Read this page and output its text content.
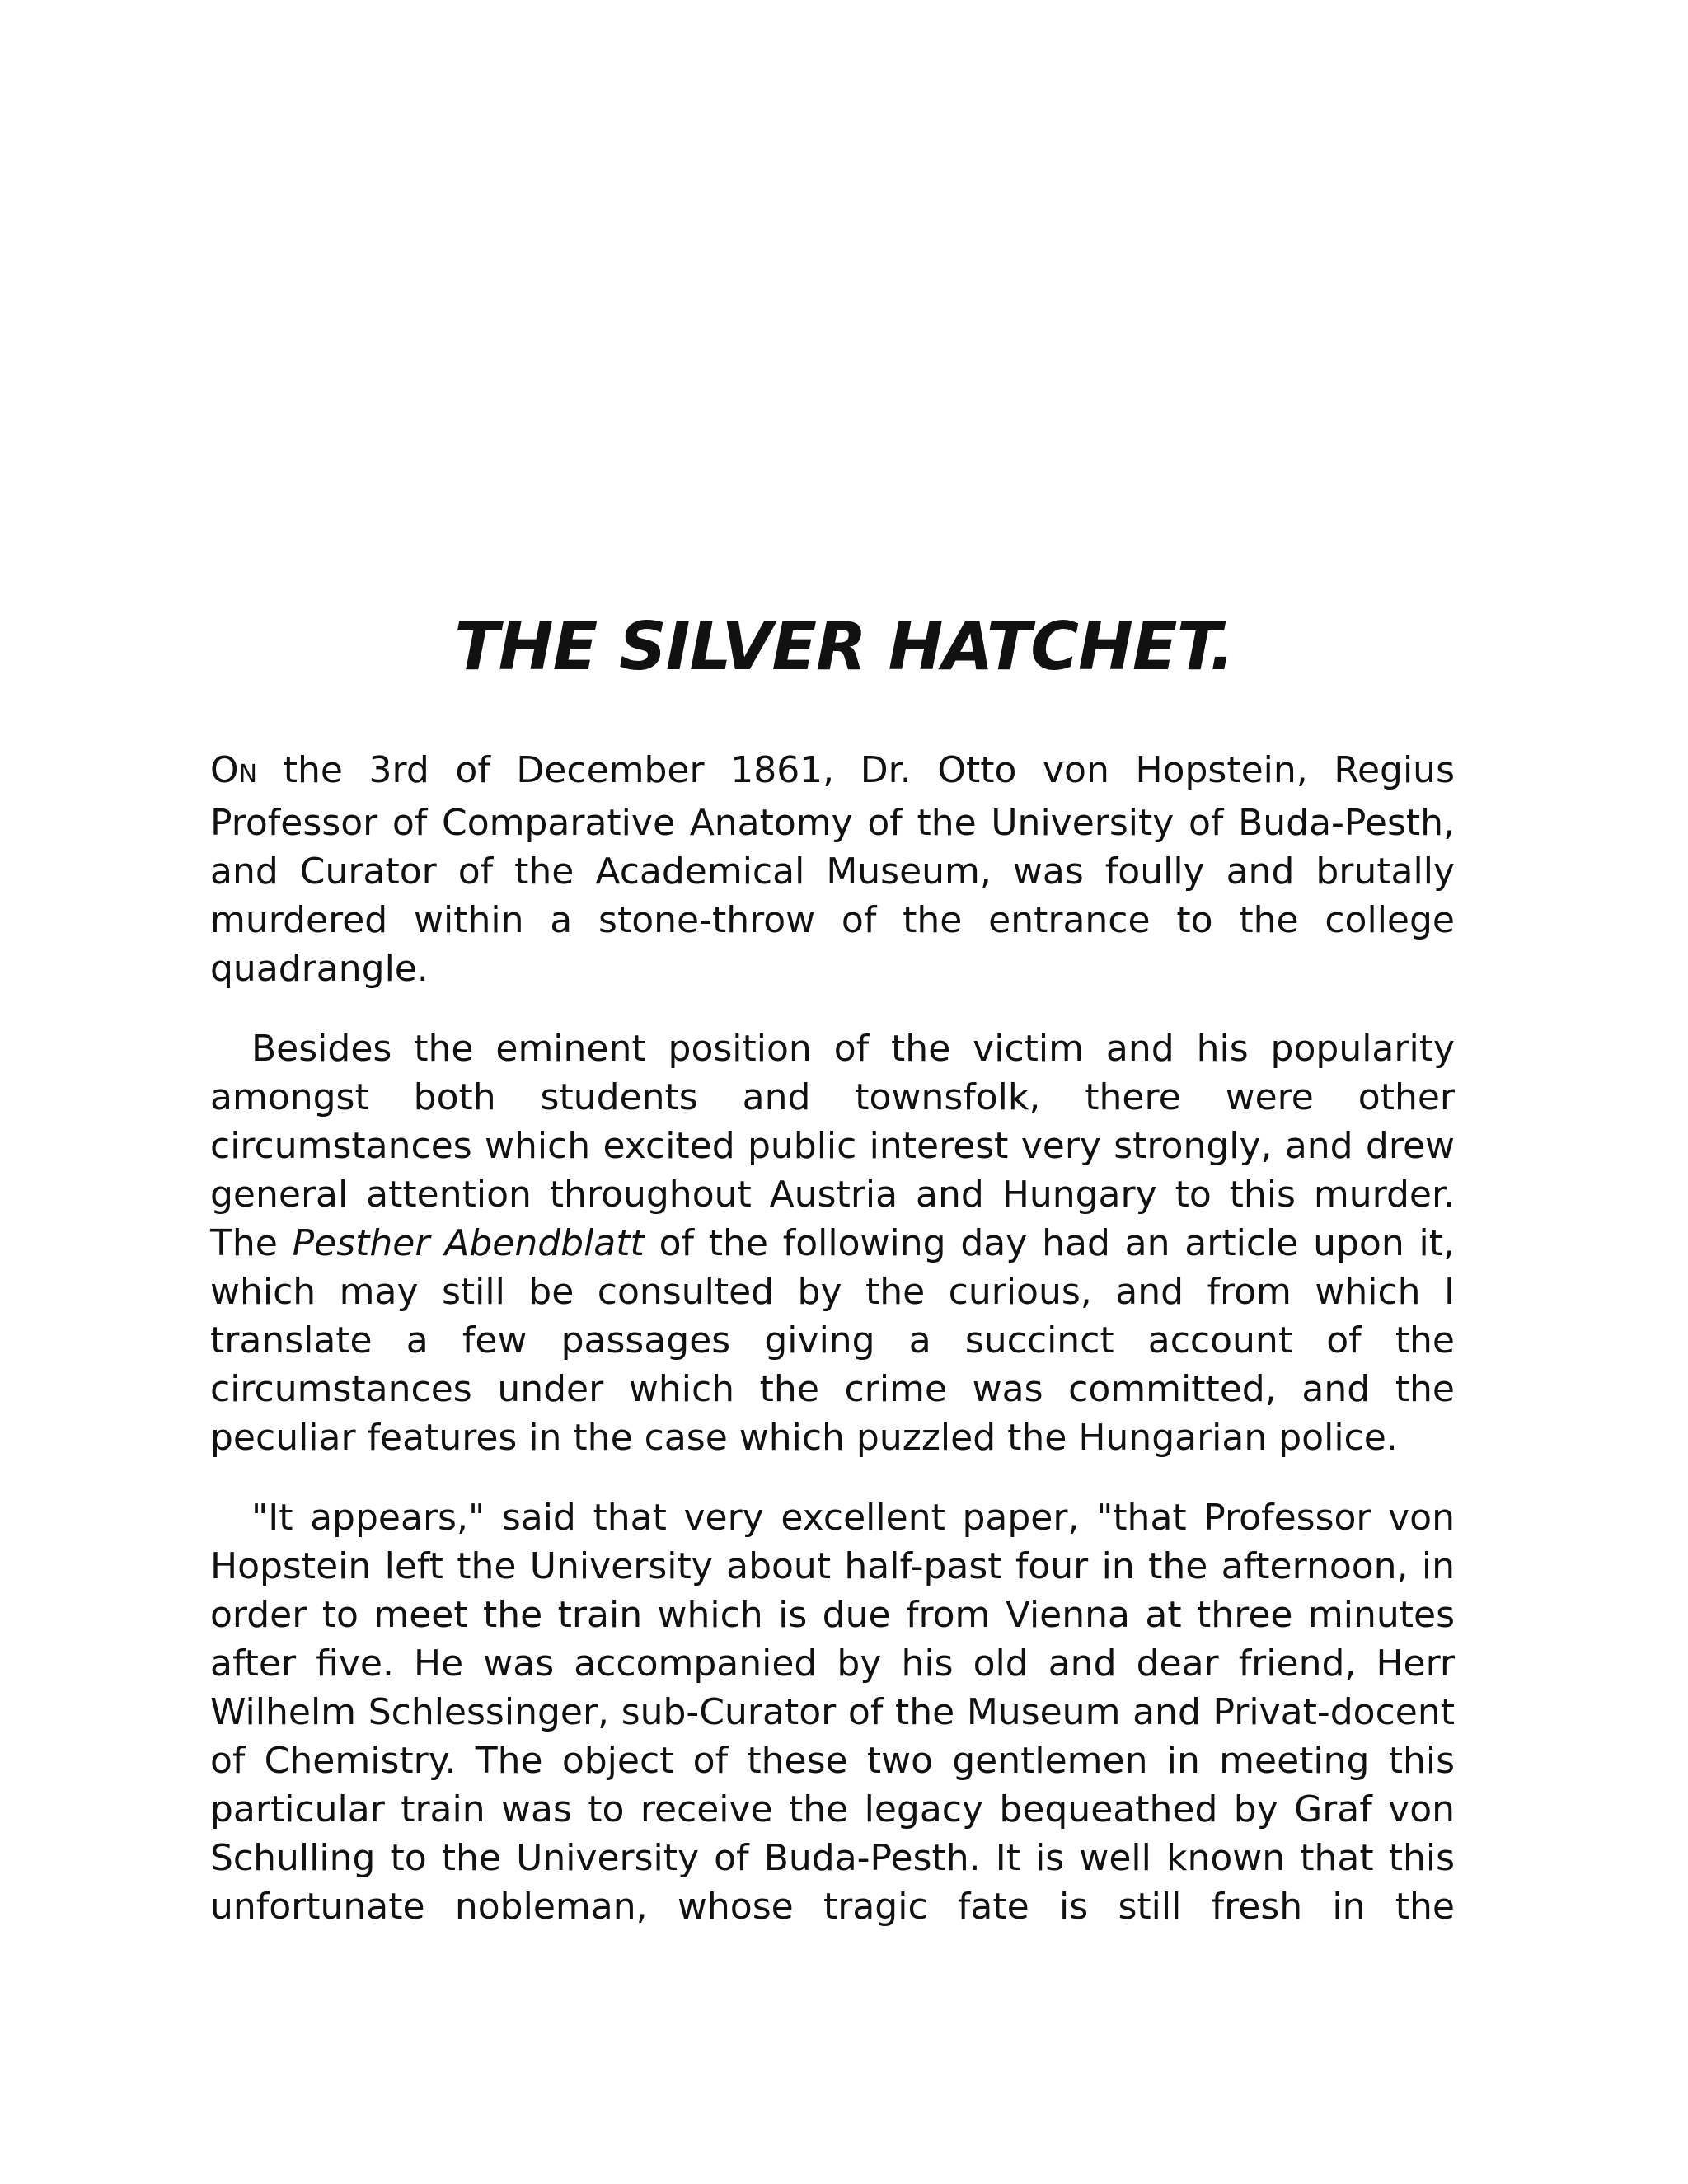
THE SILVER HATCHET.

ON the 3rd of December 1861, Dr. Otto von Hopstein, Regius Professor of Comparative Anatomy of the University of Buda-Pesth, and Curator of the Academical Museum, was foully and brutally murdered within a stone-throw of the entrance to the college quadrangle.

Besides the eminent position of the victim and his popularity amongst both students and townsfolk, there were other circumstances which excited public interest very strongly, and drew general attention throughout Austria and Hungary to this murder. The Pesther Abendblatt of the following day had an article upon it, which may still be consulted by the curious, and from which I translate a few passages giving a succinct account of the circumstances under which the crime was committed, and the peculiar features in the case which puzzled the Hungarian police.

"It appears," said that very excellent paper, "that Professor von Hopstein left the University about half-past four in the afternoon, in order to meet the train which is due from Vienna at three minutes after five. He was accompanied by his old and dear friend, Herr Wilhelm Schlessinger, sub-Curator of the Museum and Privat-docent of Chemistry. The object of these two gentlemen in meeting this particular train was to receive the legacy bequeathed by Graf von Schulling to the University of Buda-Pesth. It is well known that this unfortunate nobleman, whose tragic fate is still fresh in the
